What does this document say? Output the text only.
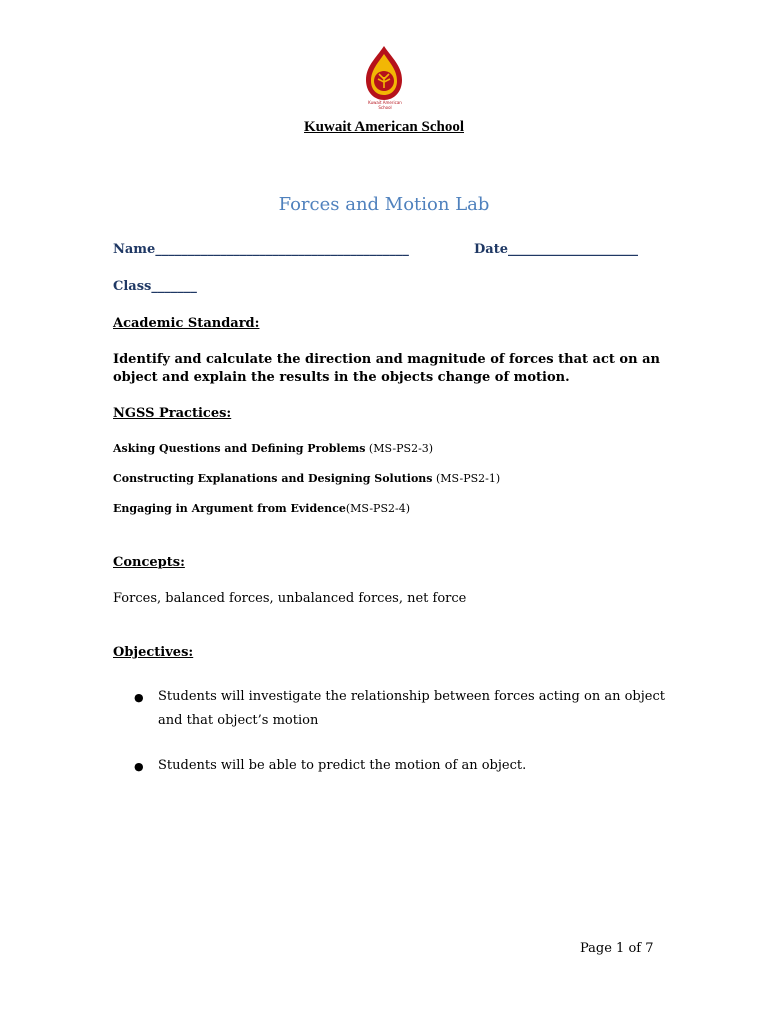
Kuwait American School
Kuwait American School
Forces and Motion Lab
Name_______________________________________	Date____________________
Class_______
Academic Standard:
Identify and calculate the direction and magnitude of forces that act on an object and explain the results in the objects change of motion.
NGSS Practices:
Asking Questions and Defining Problems (MS-PS2-3)
Constructing Explanations and Designing Solutions (MS-PS2-1)
Engaging in Argument from Evidence(MS-PS2-4)
Concepts:
Forces, balanced forces, unbalanced forces, net force
Objectives:
● Students will investigate the relationship between forces acting on an object and that object’s motion
● Students will be able to predict the motion of an object.
Page 1 of 7
